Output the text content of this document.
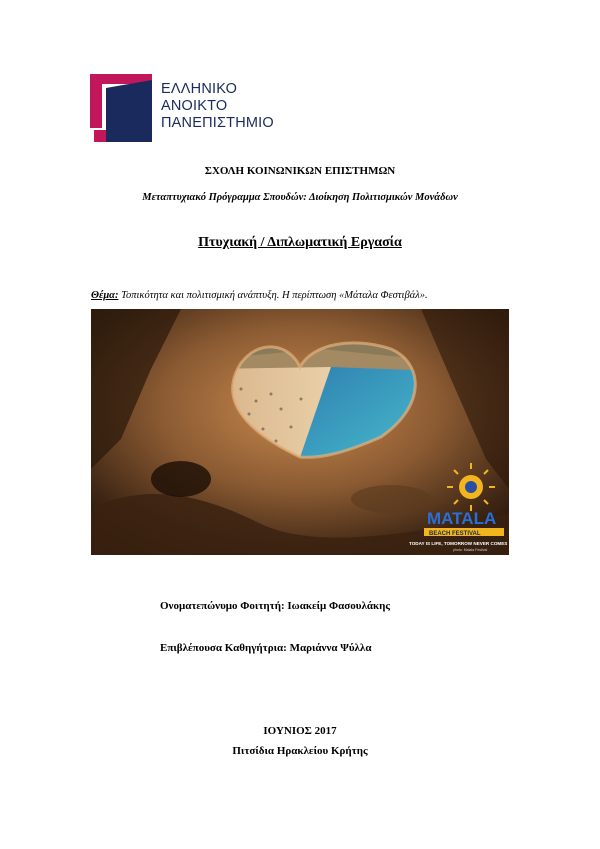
ΕΛΛΗΝΙΚΟ
ΑΝΟΙΚΤΟ
ΠΑΝΕΠΙΣΤΗΜΙΟ
ΣΧΟΛΗ ΚΟΙΝΩΝΙΚΩΝ ΕΠΙΣΤΗΜΩΝ
Μεταπτυχιακό Πρόγραμμα Σπουδών: Διοίκηση Πολιτισμικών Μονάδων
Πτυχιακή / Διπλωματική Εργασία
Θέμα: Τοπικότητα και πολιτισμική ανάπτυξη. Η περίπτωση «Μάταλα Φεστιβάλ».
MATALA
BEACH FESTIVAL
TODAY IS LIFE, TOMORROW NEVER COMES
photo: Matala Festival
Ονοματεπώνυμο Φοιτητή: Ιωακείμ Φασουλάκης
Επιβλέπουσα Καθηγήτρια: Μαριάννα Ψύλλα
ΙΟΥΝΙΟΣ 2017
Πιτσίδια Ηρακλείου Κρήτης
